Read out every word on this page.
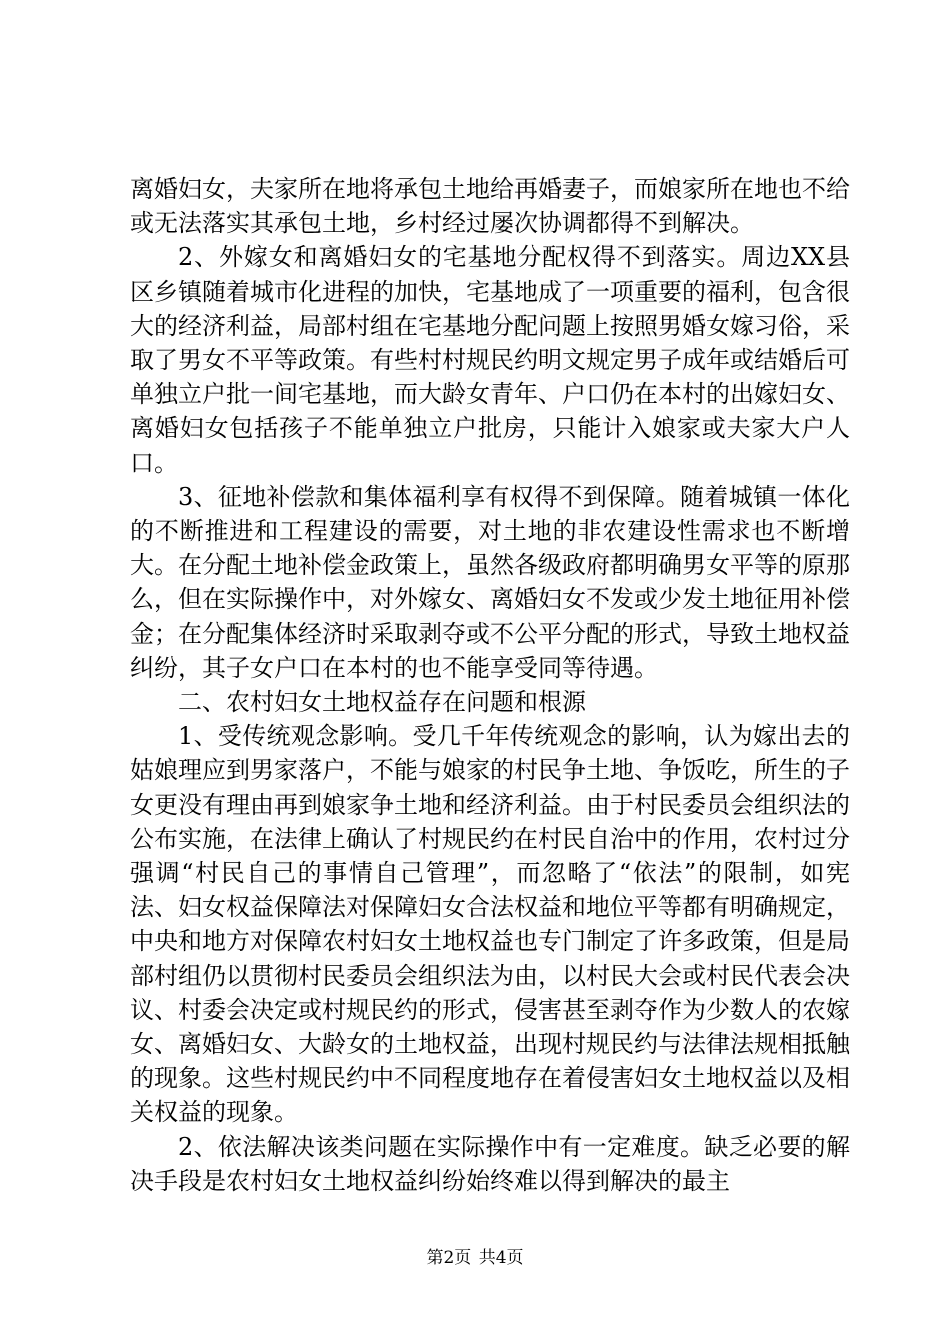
离婚妇女，夫家所在地将承包土地给再婚妻子，而娘家所在地也不给或无法落实其承包土地，乡村经过屡次协调都得不到解决。

2、外嫁女和离婚妇女的宅基地分配权得不到落实。周边XX县区乡镇随着城市化进程的加快，宅基地成了一项重要的福利，包含很大的经济利益，局部村组在宅基地分配问题上按照男婚女嫁习俗，采取了男女不平等政策。有些村村规民约明文规定男子成年或结婚后可单独立户批一间宅基地，而大龄女青年、户口仍在本村的出嫁妇女、离婚妇女包括孩子不能单独立户批房，只能计入娘家或夫家大户人口。

3、征地补偿款和集体福利享有权得不到保障。随着城镇一体化的不断推进和工程建设的需要，对土地的非农建设性需求也不断增大。在分配土地补偿金政策上，虽然各级政府都明确男女平等的原那么，但在实际操作中，对外嫁女、离婚妇女不发或少发土地征用补偿金；在分配集体经济时采取剥夺或不公平分配的形式，导致土地权益纠纷，其子女户口在本村的也不能享受同等待遇。

二、农村妇女土地权益存在问题和根源

1、受传统观念影响。受几千年传统观念的影响，认为嫁出去的姑娘理应到男家落户，不能与娘家的村民争土地、争饭吃，所生的子女更没有理由再到娘家争土地和经济利益。由于村民委员会组织法的公布实施，在法律上确认了村规民约在村民自治中的作用，农村过分强调“村民自己的事情自己管理”，而忽略了“依法”的限制，如宪法、妇女权益保障法对保障妇女合法权益和地位平等都有明确规定，中央和地方对保障农村妇女土地权益也专门制定了许多政策，但是局部村组仍以贯彻村民委员会组织法为由，以村民大会或村民代表会决议、村委会决定或村规民约的形式，侵害甚至剥夺作为少数人的农嫁女、离婚妇女、大龄女的土地权益，出现村规民约与法律法规相抵触的现象。这些村规民约中不同程度地存在着侵害妇女土地权益以及相关权益的现象。

2、依法解决该类问题在实际操作中有一定难度。缺乏必要的解决手段是农村妇女土地权益纠纷始终难以得到解决的最主

第2页 共4页
